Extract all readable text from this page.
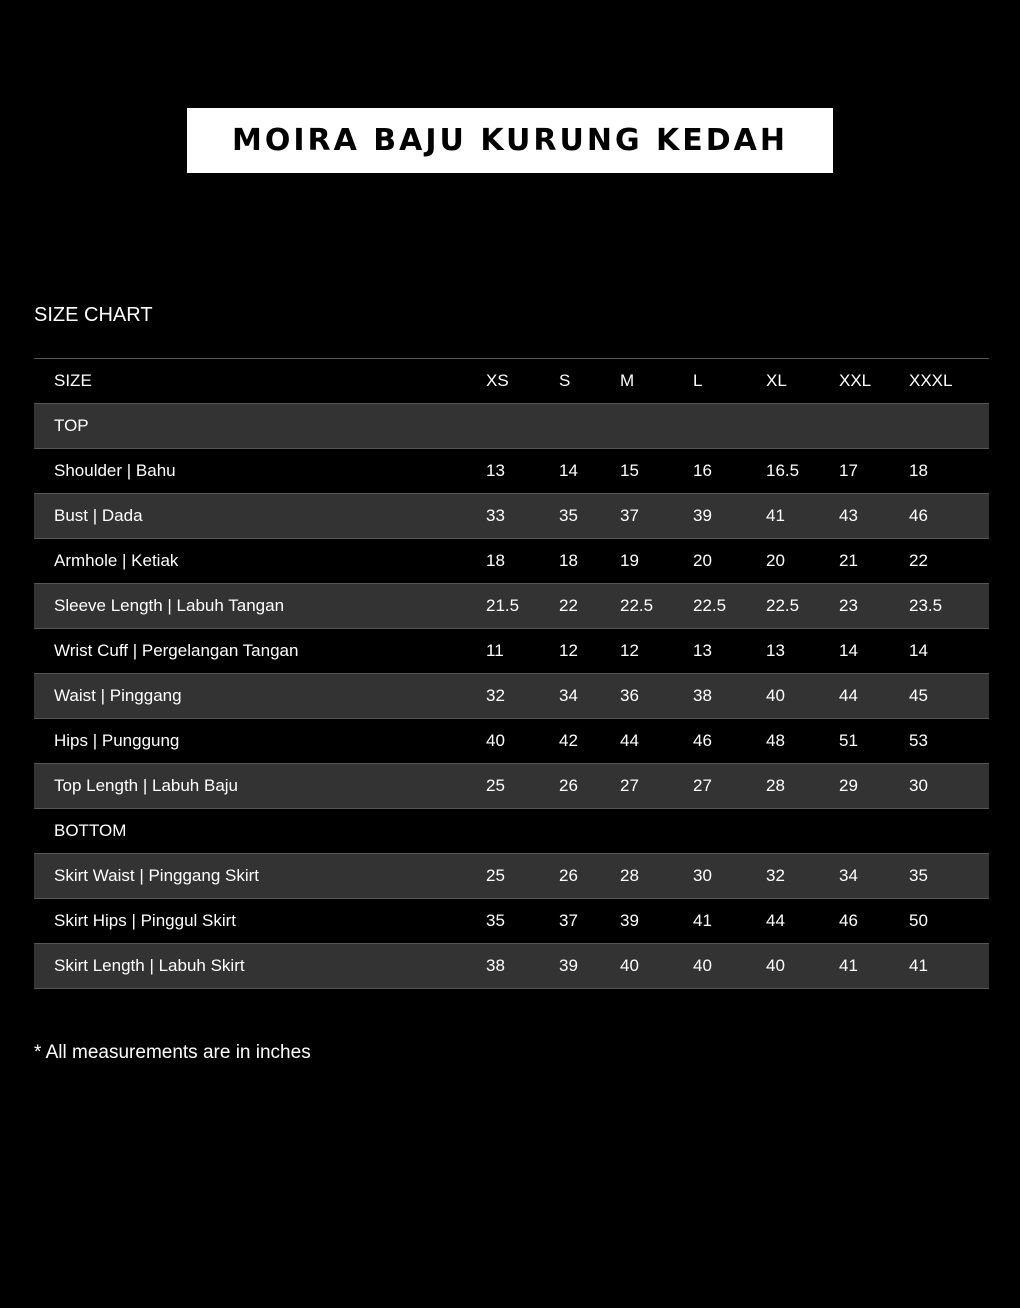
MOIRA BAJU KURUNG KEDAH
SIZE CHART
SIZE	XS	S	M	L	XL	XXL	XXXL
TOP							
Shoulder | Bahu	13	14	15	16	16.5	17	18
Bust | Dada	33	35	37	39	41	43	46
Armhole | Ketiak	18	18	19	20	20	21	22
Sleeve Length | Labuh Tangan	21.5	22	22.5	22.5	22.5	23	23.5
Wrist Cuff | Pergelangan Tangan	11	12	12	13	13	14	14
Waist | Pinggang	32	34	36	38	40	44	45
Hips | Punggung	40	42	44	46	48	51	53
Top Length | Labuh Baju	25	26	27	27	28	29	30
BOTTOM							
Skirt Waist | Pinggang Skirt	25	26	28	30	32	34	35
Skirt Hips | Pinggul Skirt	35	37	39	41	44	46	50
Skirt Length | Labuh Skirt	38	39	40	40	40	41	41
* All measurements are in inches
